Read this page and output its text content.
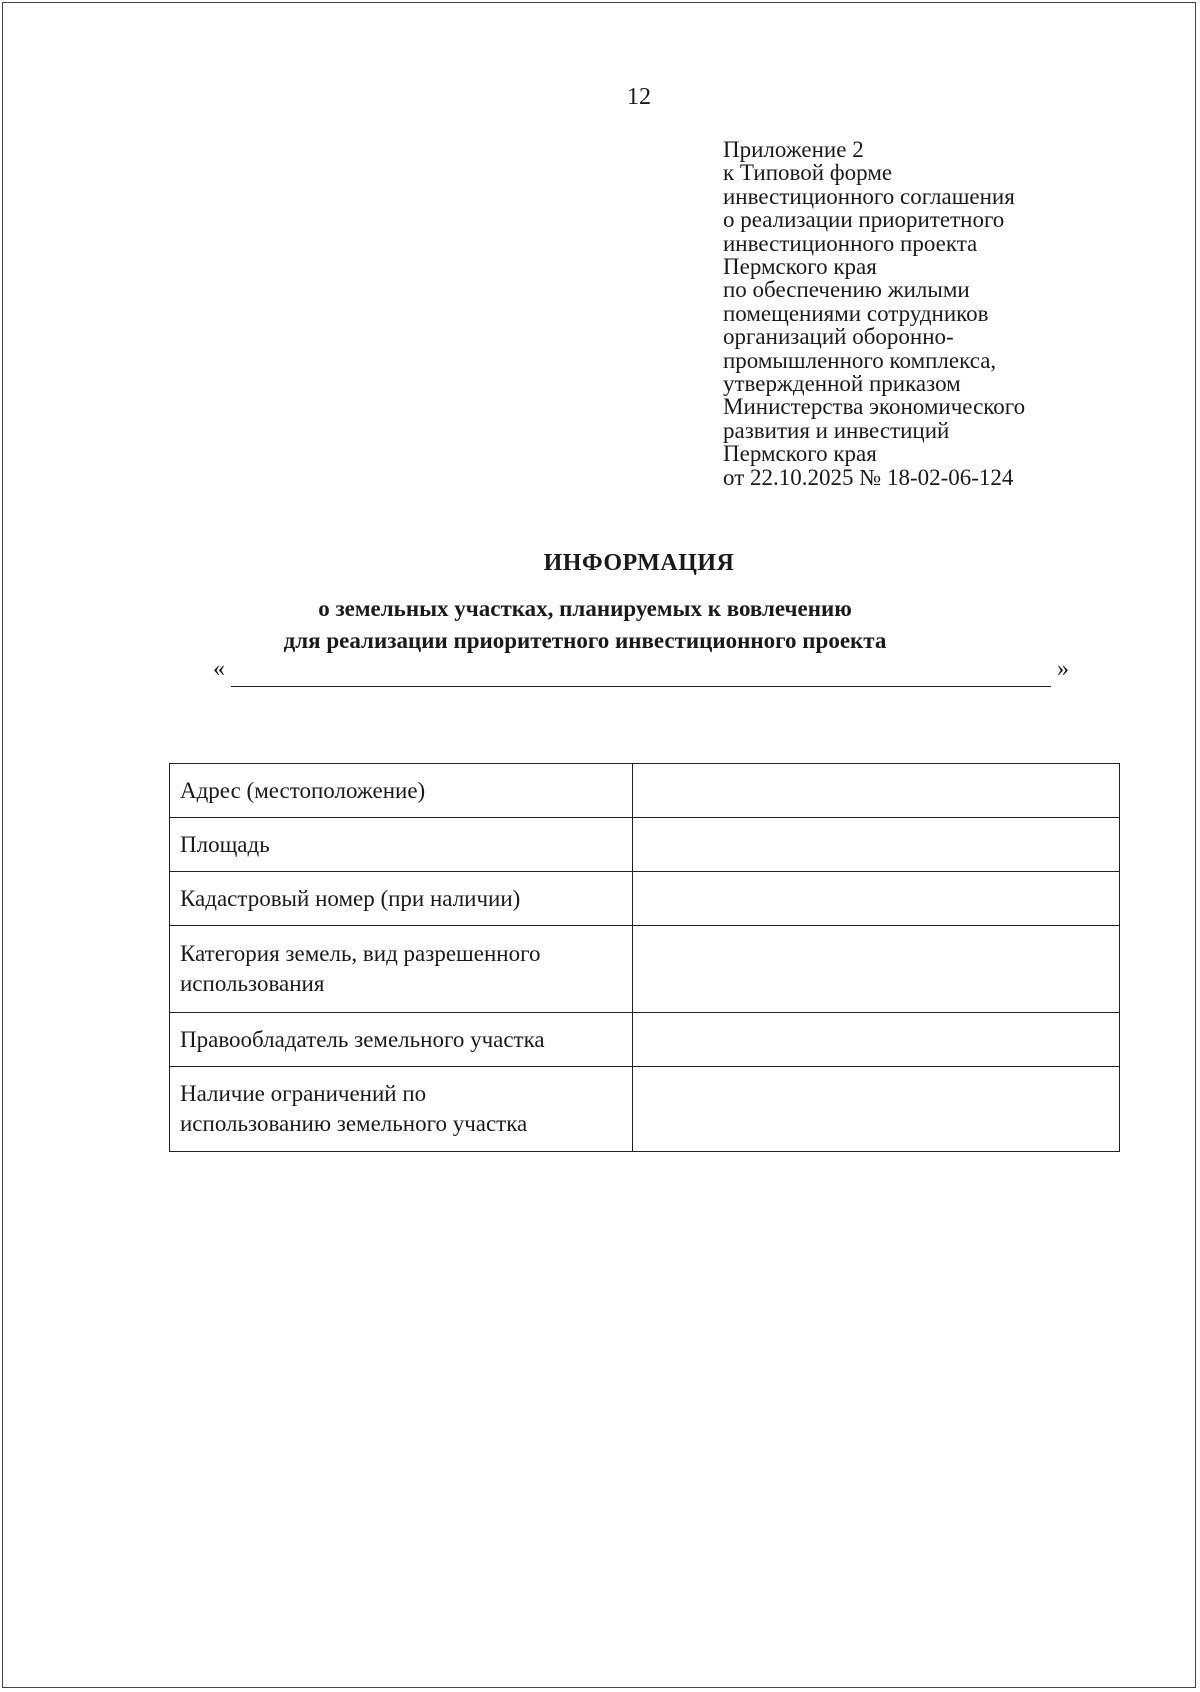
12
Приложение 2
к Типовой форме
инвестиционного соглашения
о реализации приоритетного
инвестиционного проекта
Пермского края
по обеспечению жилыми
помещениями сотрудников
организаций оборонно-
промышленного комплекса,
утвержденной приказом
Министерства экономического
развития и инвестиций
Пермского края
от 22.10.2025 № 18-02-06-124
ИНФОРМАЦИЯ
о земельных участках, планируемых к вовлечению
для реализации приоритетного инвестиционного проекта
«	»
Адрес (местоположение)	

Площадь	

Кадастровый номер (при наличии)	

Категория земель, вид разрешенного
использования	

Правообладатель земельного участка	

Наличие ограничений по
использованию земельного участка	
